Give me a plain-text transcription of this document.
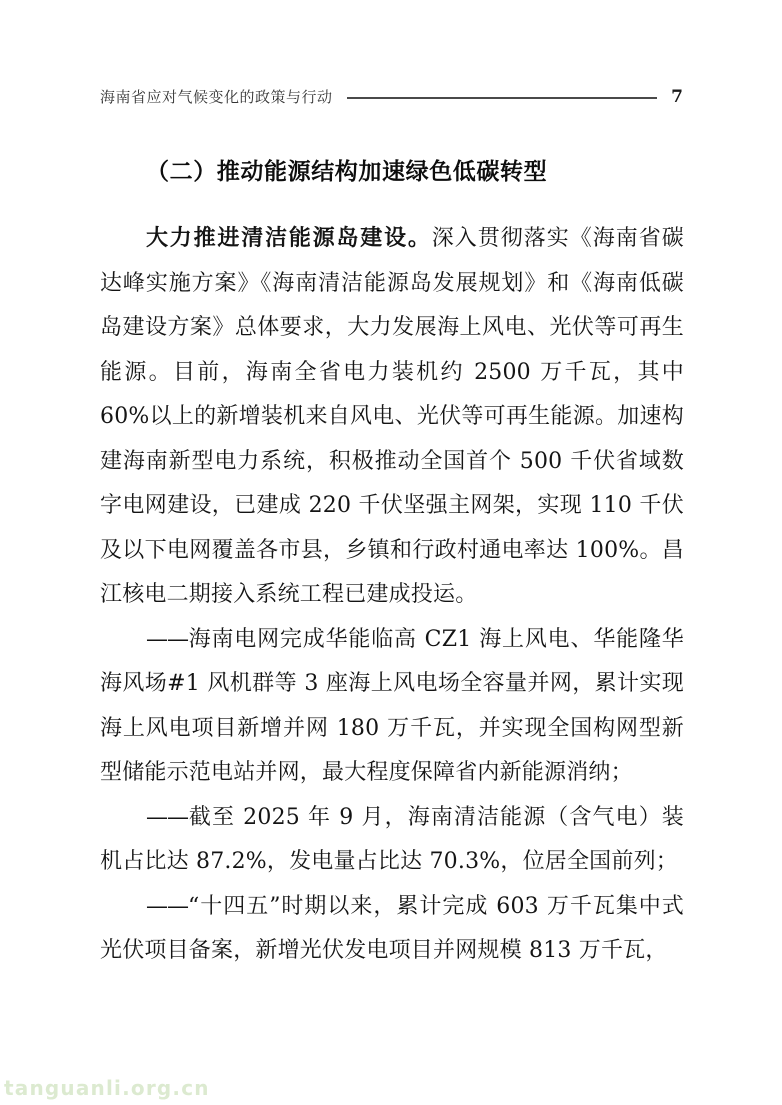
海南省应对气候变化的政策与行动	7
（二）推动能源结构加速绿色低碳转型

大力推进清洁能源岛建设。深入贯彻落实《海南省碳达峰实施方案》《海南清洁能源岛发展规划》和《海南低碳岛建设方案》总体要求，大力发展海上风电、光伏等可再生能源。目前，海南全省电力装机约 2500 万千瓦，其中 60%以上的新增装机来自风电、光伏等可再生能源。加速构建海南新型电力系统，积极推动全国首个 500 千伏省域数字电网建设，已建成 220 千伏坚强主网架，实现 110 千伏及以下电网覆盖各市县，乡镇和行政村通电率达 100%。昌江核电二期接入系统工程已建成投运。

——海南电网完成华能临高 CZ1 海上风电、华能隆华海风场#1 风机群等 3 座海上风电场全容量并网，累计实现海上风电项目新增并网 180 万千瓦，并实现全国构网型新型储能示范电站并网，最大程度保障省内新能源消纳；

——截至 2025 年 9 月，海南清洁能源（含气电）装机占比达 87.2%，发电量占比达 70.3%，位居全国前列；

——“十四五”时期以来，累计完成 603 万千瓦集中式光伏项目备案，新增光伏发电项目并网规模 813 万千瓦，

tanguanli.org.cn
